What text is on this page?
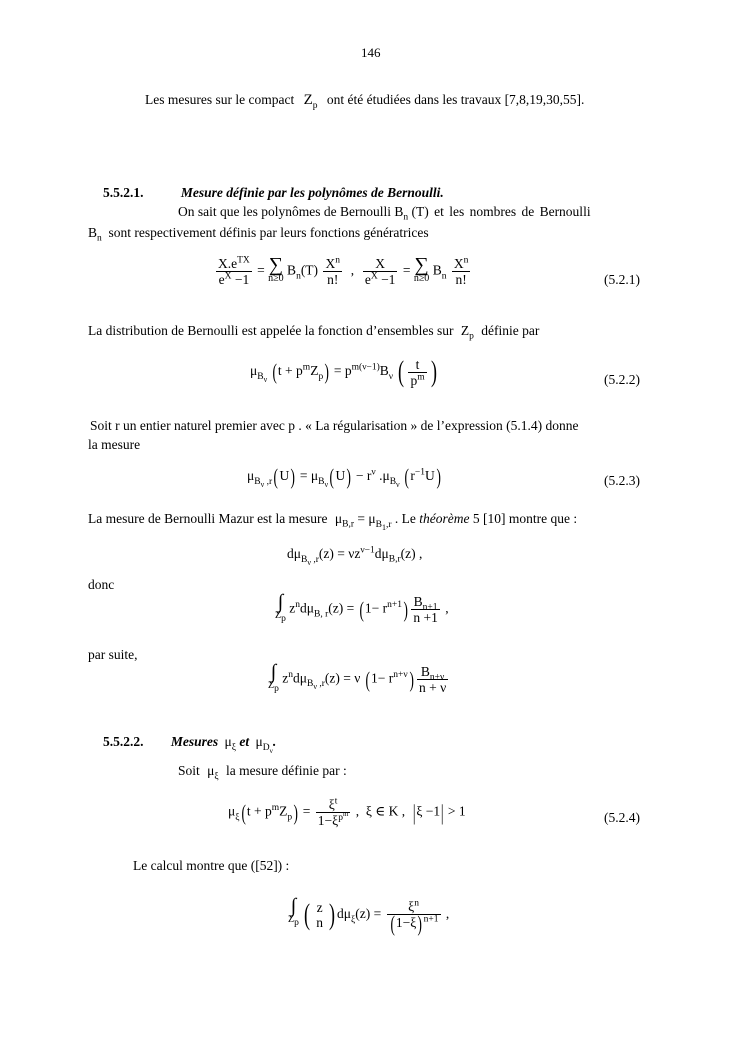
146
Les mesures sur le compact $Z_p$ ont été étudiées dans les travaux [7,8,19,30,55].
5.5.2.1.	Mesure définie par les polynômes de Bernoulli.
On sait que les polynômes de Bernoulli $B_n$ (T) et les nombres de Bernoulli
$B_n$ sont respectivement définis par leurs fonctions génératrices
$\frac{X.e^{TX}}{e^X -1}$ = ∑
n≥0
$B_n(T) \frac{X^n}{n!}$ , $\frac{X}{e^X -1}$ = ∑
n≥0
$B_n \frac{X^n}{n!}$	(5.2.1)
La distribution de Bernoulli est appelée la fonction d’ensembles sur $Z_p$ définie par
$\mu_{B_\nu}$ $(t + p^mZ_p) = p^{m(\nu-1)}B_\nu$ ( $\frac{t}{p^m}$ )	(5.2.2)
Soit r un entier naturel premier avec p . « La régularisation » de l’expression (5.1.4) donne
la mesure
$\mu_{B_\nu ,r}(U) = \mu_{B_\nu}(U) - r^\nu$ $.\mu_{B_\nu}$ $(r^{-1}U)$	(5.2.3)
La mesure de Bernoulli Mazur est la mesure $\mu_{B,r} = \mu_{B_1,r}$ . Le théorème 5 [10] montre que :
$d\mu_{B_\nu ,r}(z) = \nu z^{\nu-1}d\mu_{B,r}(z)$ ,
donc
∫
$Z_p$
$z^nd\mu_{B, r}(z) = (1- r^{n+1}) \frac{B_{n+1}}{n +1}$ ,
par suite,
∫
$Z_p$
$z^nd\mu_{B_\nu ,r}(z) = \nu$ $(1- r^{n+\nu}) \frac{B_{n+\nu}}{n + \nu}$
5.5.2.2. Mesures $\mu_\xi$ et $\mu_{D_\nu}$.
Soit $\mu_\xi$ la mesure définie par :
$\mu_\xi(t + p^mZ_p) = \frac{\xi^t}{1-\xi^{p^m}}$ ,  ξ ∈ K ,  |ξ −1| > 1	(5.2.4)
Le calcul montre que ([52]) :
∫
$Z_p$ ( z
n ) $d\mu_\xi(z) = \frac{\xi^n}{(1-\xi)^{n+1}}$ ,
